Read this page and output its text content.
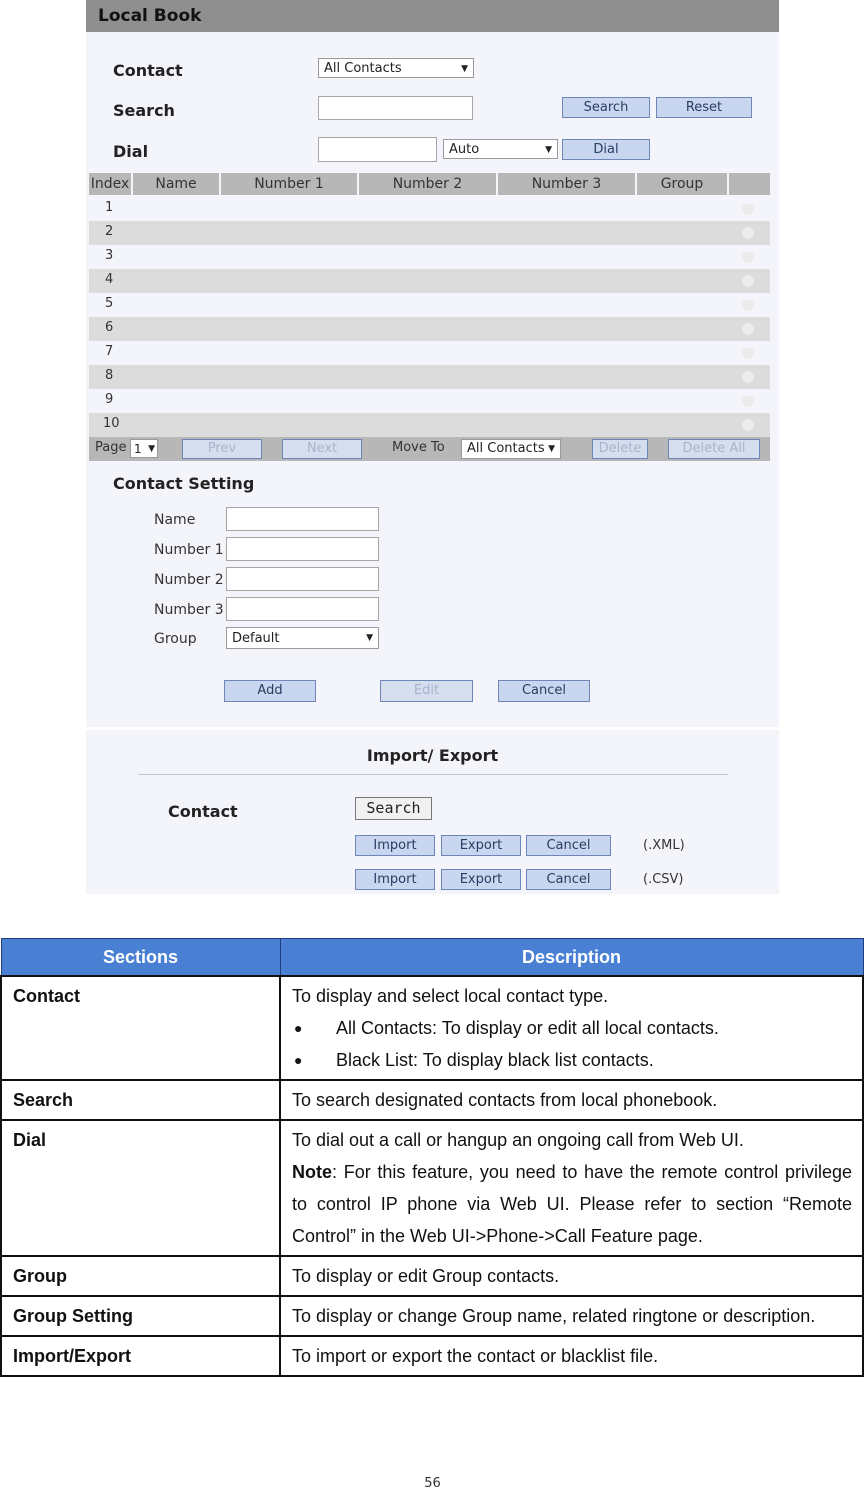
Local Book
Contact	All Contacts	▼
Search	Search	Reset
Dial	Auto	▼	Dial
Index	Name	Number 1	Number 2	Number 3	Group
1
2
3
4
5
6
7
8
9
10
Page 1 ▼	Prev	Next	Move To	All Contacts ▼	Delete	Delete All
Contact Setting
Name
Number 1
Number 2
Number 3
Group	Default	▼
Add	Edit	Cancel
Import/ Export
Contact	Search
Import	Export	Cancel	(.XML)
Import	Export	Cancel	(.CSV)
Sections	Description
Contact	To display and select local contact type.
● All Contacts: To display or edit all local contacts.
● Black List: To display black list contacts.

Search	To search designated contacts from local phonebook.
Dial	To dial out a call or hangup an ongoing call from Web UI.
Note: For this feature, you need to have the remote control privilege to control IP phone via Web UI. Please refer to section “Remote Control” in the Web UI->Phone->Call Feature page.

Group	To display or edit Group contacts.
Group Setting	To display or change Group name, related ringtone or description.
Import/Export	To import or export the contact or blacklist file.
56
